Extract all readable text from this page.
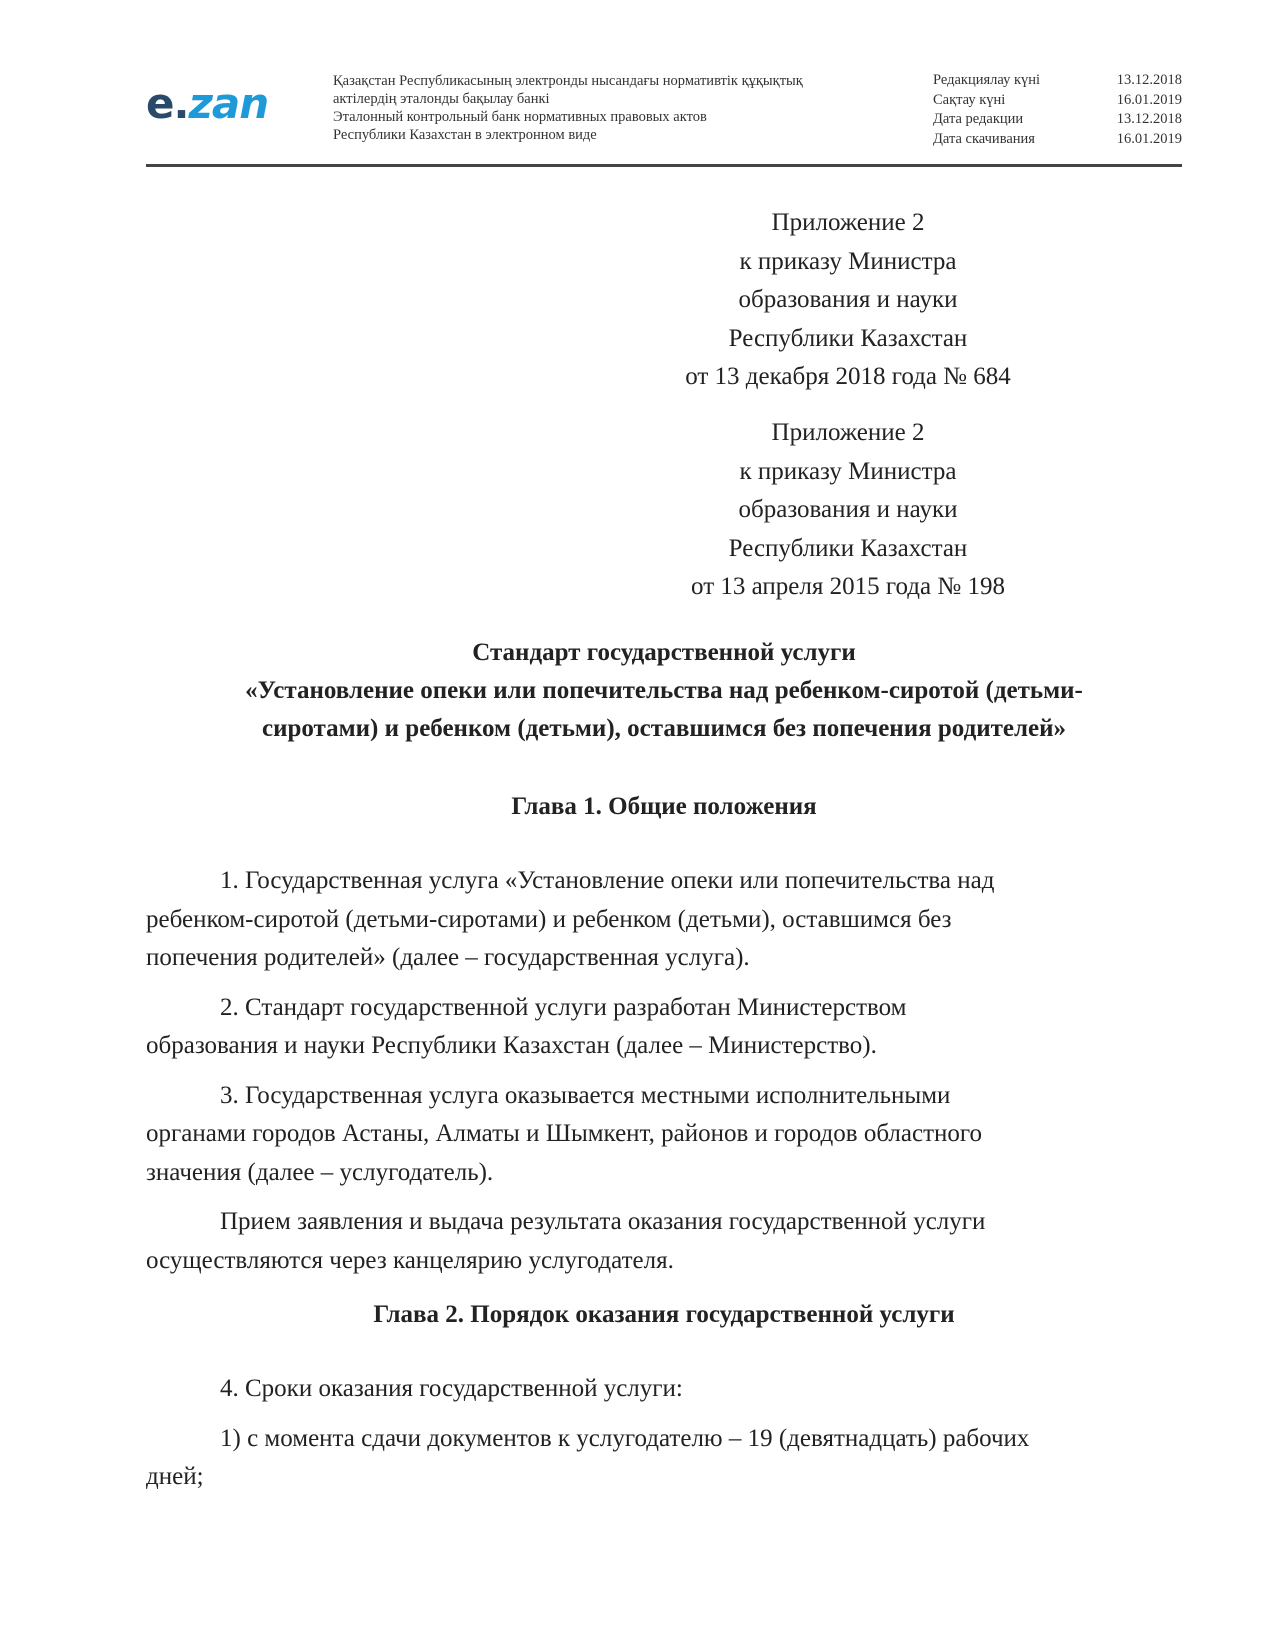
e.zan	Қазақстан Республикасының электронды нысандағы нормативтік құқықтық
актілердің эталонды бақылау банкі
Эталонный контрольный банк нормативных правовых актов
Республики Казахстан в электронном виде
Редакциялау күні	13.12.2018
Сақтау күні	16.01.2019
Дата редакции	13.12.2018
Дата скачивания	16.01.2019
Приложение 2
к приказу Министра
образования и науки
Республики Казахстан
от 13 декабря 2018 года № 684
Приложение 2
к приказу Министра
образования и науки
Республики Казахстан
от 13 апреля 2015 года № 198
Стандарт государственной услуги
«Установление опеки или попечительства над ребенком-сиротой (детьми-
сиротами) и ребенком (детьми), оставшимся без попечения родителей»
Глава 1. Общие положения

1. Государственная услуга «Установление опеки или попечительства над
ребенком-сиротой (детьми-сиротами) и ребенком (детьми), оставшимся без
попечения родителей» (далее – государственная услуга).

2. Стандарт государственной услуги разработан Министерством
образования и науки Республики Казахстан (далее – Министерство).

3. Государственная услуга оказывается местными исполнительными
органами городов Астаны, Алматы и Шымкент, районов и городов областного
значения (далее – услугодатель).

Прием заявления и выдача результата оказания государственной услуги
осуществляются через канцелярию услугодателя.

Глава 2. Порядок оказания государственной услуги

4. Сроки оказания государственной услуги:

1) с момента сдачи документов к услугодателю – 19 (девятнадцать) рабочих
дней;
